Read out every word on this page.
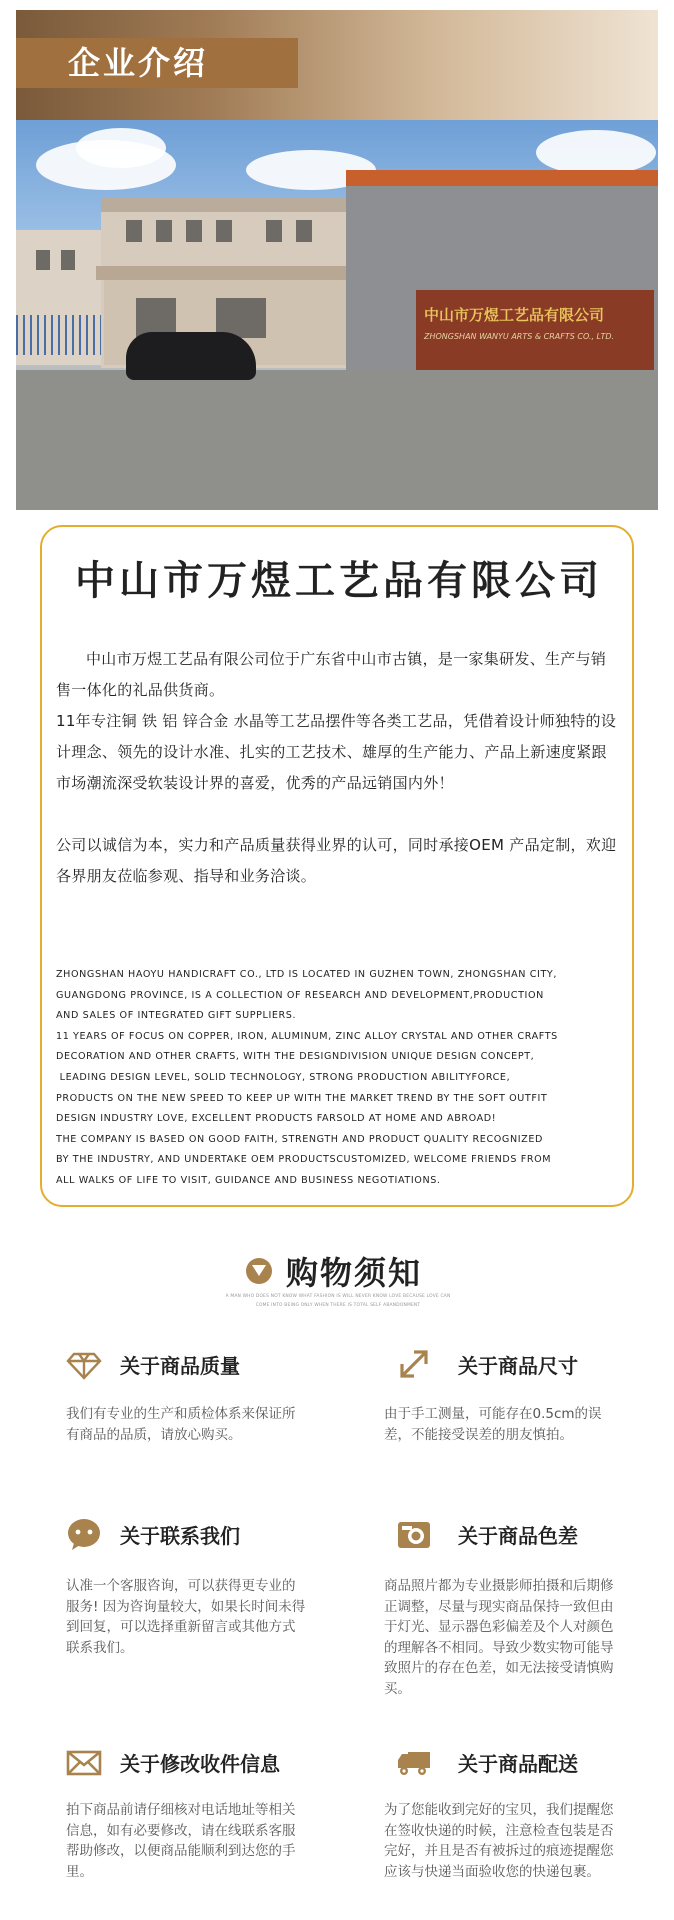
企业介绍
中山市万煜工艺品有限公司
ZHONGSHAN WANYU ARTS & CRAFTS CO., LTD.
中山市万煜工艺品有限公司
中山市万煜工艺品有限公司位于广东省中山市古镇，是一家集研发、生产与销售一体化的礼品供货商。
11年专注铜 铁 铝 锌合金 水晶等工艺品摆件等各类工艺品，凭借着设计师独特的设计理念、领先的设计水准、扎实的工艺技术、雄厚的生产能力、产品上新速度紧跟市场潮流深受软装设计界的喜爱，优秀的产品远销国内外！
公司以诚信为本，实力和产品质量获得业界的认可，同时承接OEM 产品定制，欢迎各界朋友莅临参观、指导和业务洽谈。
ZHONGSHAN HAOYU HANDICRAFT CO., LTD IS LOCATED IN GUZHEN TOWN, ZHONGSHAN CITY,
GUANGDONG PROVINCE, IS A COLLECTION OF RESEARCH AND DEVELOPMENT,PRODUCTION
AND SALES OF INTEGRATED GIFT SUPPLIERS.
11 YEARS OF FOCUS ON COPPER, IRON, ALUMINUM, ZINC ALLOY CRYSTAL AND OTHER CRAFTS
DECORATION AND OTHER CRAFTS, WITH THE DESIGNDIVISION UNIQUE DESIGN CONCEPT,
LEADING DESIGN LEVEL, SOLID TECHNOLOGY, STRONG PRODUCTION ABILITYFORCE,
PRODUCTS ON THE NEW SPEED TO KEEP UP WITH THE MARKET TREND BY THE SOFT OUTFIT
DESIGN INDUSTRY LOVE, EXCELLENT PRODUCTS FARSOLD AT HOME AND ABROAD!
THE COMPANY IS BASED ON GOOD FAITH, STRENGTH AND PRODUCT QUALITY RECOGNIZED
BY THE INDUSTRY, AND UNDERTAKE OEM PRODUCTSCUSTOMIZED, WELCOME FRIENDS FROM
ALL WALKS OF LIFE TO VISIT, GUIDANCE AND BUSINESS NEGOTIATIONS.
购物须知
A MAN WHO DOES NOT KNOW WHAT FASHION IS WILL NEVER KNOW LOVE BECAUSE LOVE CAN
COME INTO BEING ONLY WHEN THERE IS TOTAL SELF ABANDONMENT
关于商品质量
我们有专业的生产和质检体系来保证所有商品的品质，请放心购买。
关于商品尺寸
由于手工测量，可能存在0.5cm的误差，不能接受误差的朋友慎拍。
关于联系我们
认准一个客服咨询，可以获得更专业的服务! 因为咨询量较大，如果长时间未得到回复，可以选择重新留言或其他方式联系我们。
关于商品色差
商品照片都为专业摄影师拍摄和后期修正调整，尽量与现实商品保持一致但由于灯光、显示器色彩偏差及个人对颜色的理解各不相同。导致少数实物可能导致照片的存在色差，如无法接受请慎购买。
关于修改收件信息
拍下商品前请仔细核对电话地址等相关信息，如有必要修改，请在线联系客服帮助修改，以便商品能顺利到达您的手里。
关于商品配送
为了您能收到完好的宝贝，我们提醒您在签收快递的时候，注意检查包装是否完好，并且是否有被拆过的痕迹提醒您应该与快递当面验收您的快递包裹。
